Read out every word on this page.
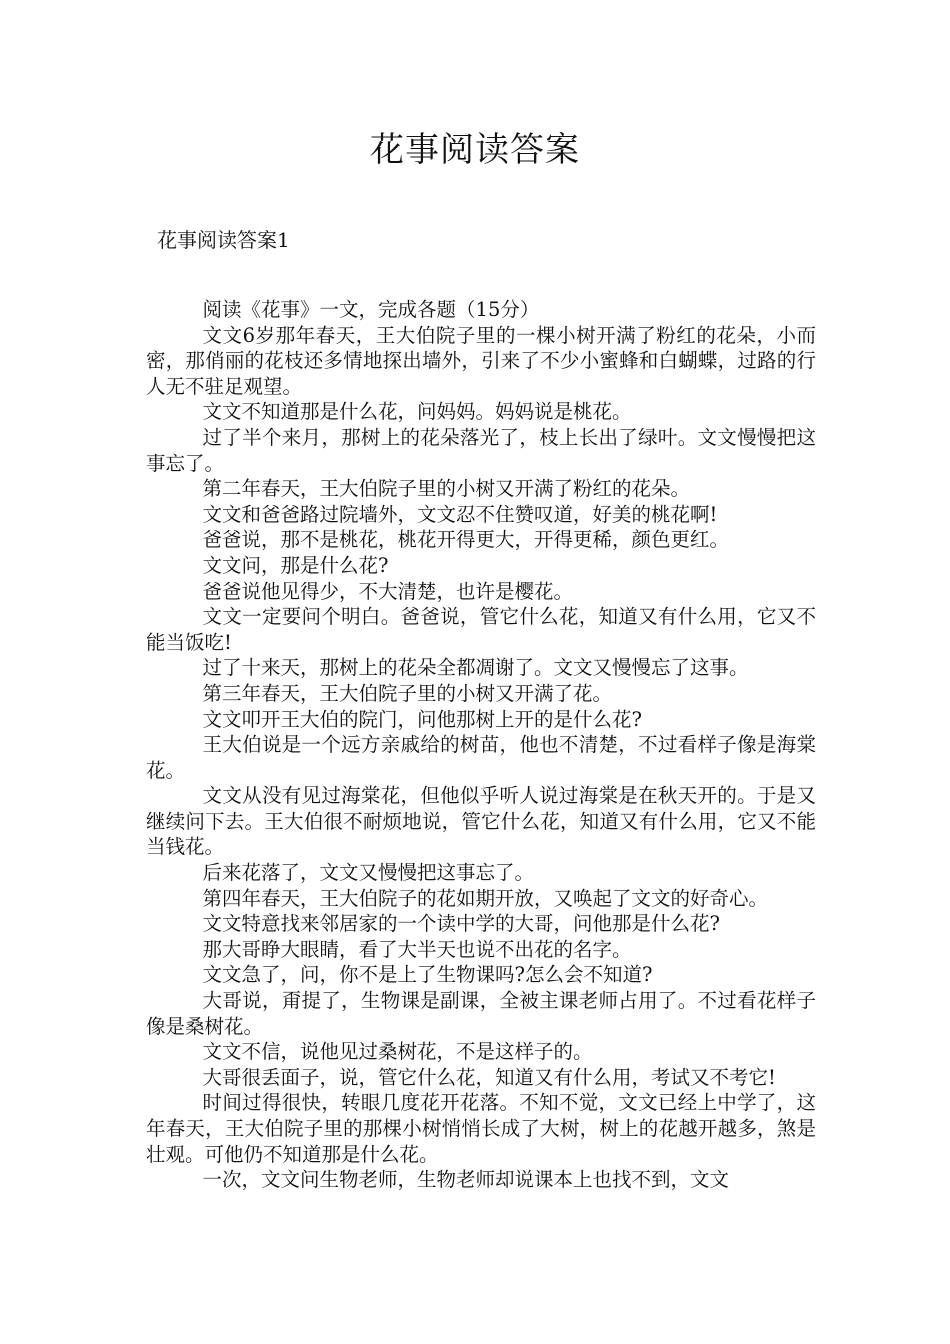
花事阅读答案
花事阅读答案1

阅读《花事》一文，完成各题（15分）

文文6岁那年春天，王大伯院子里的一棵小树开满了粉红的花朵，小而密，那俏丽的花枝还多情地探出墙外，引来了不少小蜜蜂和白蝴蝶，过路的行人无不驻足观望。

文文不知道那是什么花，问妈妈。妈妈说是桃花。

过了半个来月，那树上的花朵落光了，枝上长出了绿叶。文文慢慢把这事忘了。

第二年春天，王大伯院子里的小树又开满了粉红的花朵。

文文和爸爸路过院墙外，文文忍不住赞叹道，好美的桃花啊!

爸爸说，那不是桃花，桃花开得更大，开得更稀，颜色更红。

文文问，那是什么花?

爸爸说他见得少，不大清楚，也许是樱花。

文文一定要问个明白。爸爸说，管它什么花，知道又有什么用，它又不能当饭吃!

过了十来天，那树上的花朵全都凋谢了。文文又慢慢忘了这事。

第三年春天，王大伯院子里的小树又开满了花。

文文叩开王大伯的院门，问他那树上开的是什么花?

王大伯说是一个远方亲戚给的树苗，他也不清楚，不过看样子像是海棠花。

文文从没有见过海棠花，但他似乎听人说过海棠是在秋天开的。于是又继续问下去。王大伯很不耐烦地说，管它什么花，知道又有什么用，它又不能当钱花。

后来花落了，文文又慢慢把这事忘了。

第四年春天，王大伯院子的花如期开放，又唤起了文文的好奇心。

文文特意找来邻居家的一个读中学的大哥，问他那是什么花?

那大哥睁大眼睛，看了大半天也说不出花的名字。

文文急了，问，你不是上了生物课吗?怎么会不知道?

大哥说，甭提了，生物课是副课，全被主课老师占用了。不过看花样子像是桑树花。

文文不信，说他见过桑树花，不是这样子的。

大哥很丢面子，说，管它什么花，知道又有什么用，考试又不考它!

时间过得很快，转眼几度花开花落。不知不觉，文文已经上中学了，这年春天，王大伯院子里的那棵小树悄悄长成了大树，树上的花越开越多，煞是壮观。可他仍不知道那是什么花。

一次，文文问生物老师，生物老师却说课本上也找不到，文文
